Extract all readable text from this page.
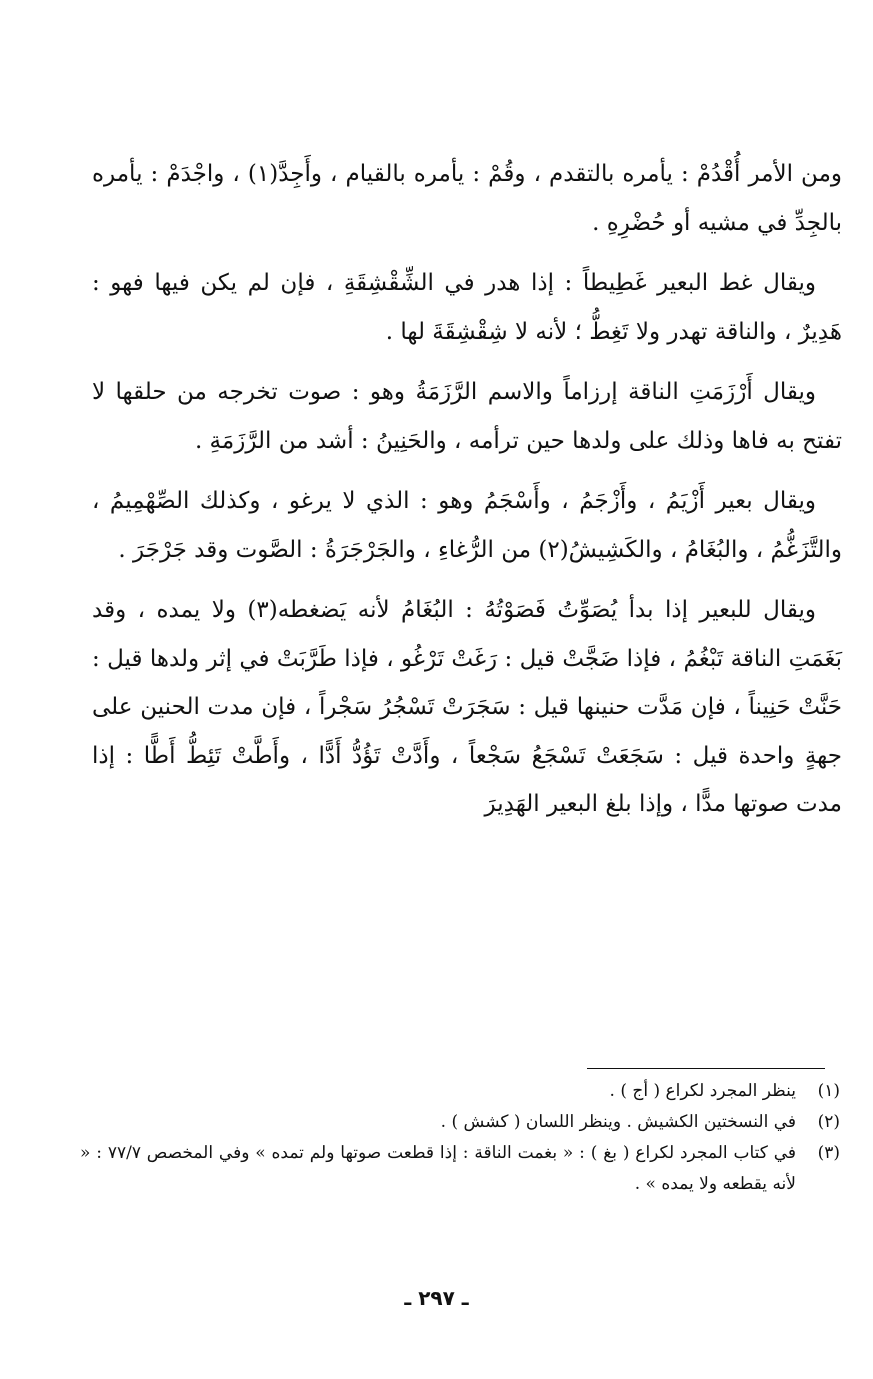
ومن الأمر أُقْدُمْ : يأمره بالتقدم ، وقُمْ : يأمره بالقيام ، وأَجِدَّ(١) ، واجْدَمْ : يأمره بالجِدِّ في مشيه أو حُضْرِهِ .

ويقال غط البعير غَطِيطاً : إذا هدر في الشِّقْشِقَةِ ، فإن لم يكن فيها فهو : هَدِيرٌ ، والناقة تهدر ولا تَغِطُّ ؛ لأنه لا شِقْشِقَةَ لها .

ويقال أَرْزَمَتِ الناقة إرزاماً والاسم الرَّزَمَةُ وهو : صوت تخرجه من حلقها لا تفتح به فاها وذلك على ولدها حين ترأمه ، والحَنِينُ : أشد من الرَّزَمَةِ .

ويقال بعير أَزْيَمُ ، وأَزْجَمُ ، وأَسْجَمُ وهو : الذي لا يرغو ، وكذلك الصِّهْمِيمُ ، والتَّزَغُّمُ ، والبُغَامُ ، والكَشِيشُ(٢) من الرُّغاءِ ، والجَرْجَرَةُ : الصَّوت وقد جَرْجَرَ .

ويقال للبعير إذا بدأ يُصَوِّتُ فَصَوْتُهُ : البُغَامُ لأنه يَضغطه(٣) ولا يمده ، وقد بَغَمَتِ الناقة تَبْغُمُ ، فإذا ضَجَّتْ قيل : رَغَتْ تَرْغُو ، فإذا طَرَّبَتْ في إثر ولدها قيل : حَنَّتْ حَنِيناً ، فإن مَدَّت حنينها قيل : سَجَرَتْ تَسْجُرُ سَجْراً ، فإن مدت الحنين على جهةٍ واحدة قيل : سَجَعَتْ تَسْجَعُ سَجْعاً ، وأَدَّتْ تَؤُدُّ أَدًّا ، وأَطَّتْ تَئِطُّ أَطًّا : إذا مدت صوتها مدًّا ، وإذا بلغ البعير الهَدِيرَ

(١)
ينظر المجرد لكراع ( أج ) .
(٢)
في النسختين الكشيش . وينظر اللسان ( كشش ) .
(٣)
في كتاب المجرد لكراع ( بغ ) : « بغمت الناقة : إذا قطعت صوتها ولم تمده » وفي المخصص ٧٧/٧ : « لأنه يقطعه ولا يمده » .
ـ ٢٩٧ ـ
